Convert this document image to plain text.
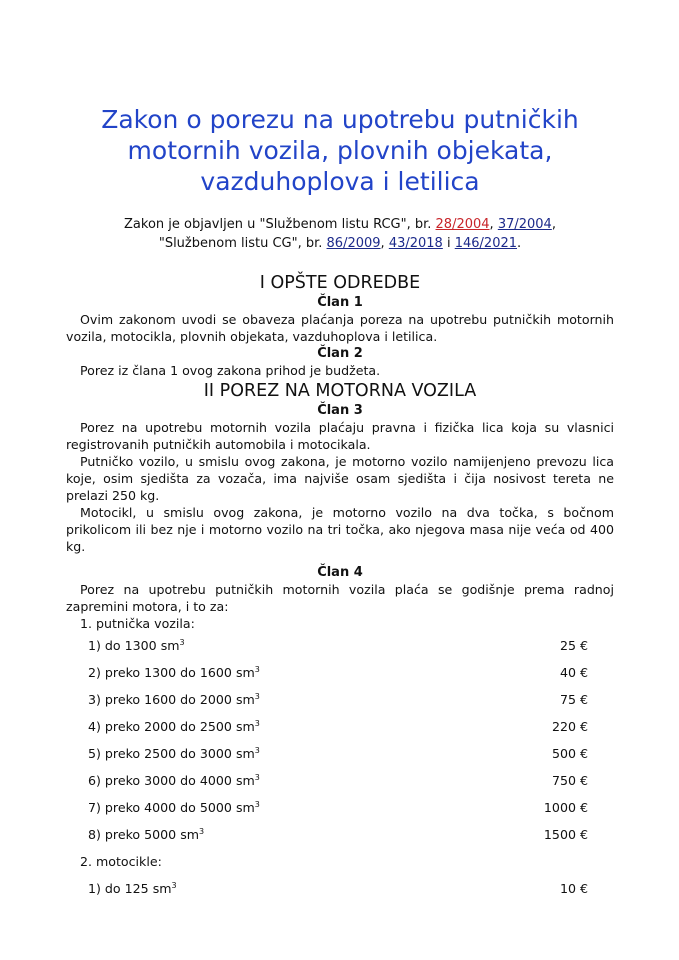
Zakon o porezu na upotrebu putničkih motornih vozila, plovnih objekata, vazduhoplova i letilica
Zakon je objavljen u "Službenom listu RCG", br. 28/2004, 37/2004,
"Službenom listu CG", br. 86/2009, 43/2018 i 146/2021.
I OPŠTE ODREDBE
Član 1

Ovim zakonom uvodi se obaveza plaćanja poreza na upotrebu putničkih motornih vozila, motocikla, plovnih objekata, vazduhoplova i letilica.

Član 2

Porez iz člana 1 ovog zakona prihod je budžeta.

II POREZ NA MOTORNA VOZILA
Član 3

Porez na upotrebu motornih vozila plaćaju pravna i fizička lica koja su vlasnici registrovanih putničkih automobila i motocikala.

Putničko vozilo, u smislu ovog zakona, je motorno vozilo namijenjeno prevozu lica koje, osim sjedišta za vozača, ima najviše osam sjedišta i čija nosivost tereta ne prelazi 250 kg.

Motocikl, u smislu ovog zakona, je motorno vozilo na dva točka, s bočnom prikolicom ili bez nje i motorno vozilo na tri točka, ako njegova masa nije veća od 400 kg.

Član 4

Porez na upotrebu putničkih motornih vozila plaća se godišnje prema radnoj zapremini motora, i to za:

1. putnička vozila:
1) do 1300 $sm^3$	25 €
2) preko 1300 do 1600 $sm^3$	40 €
3) preko 1600 do 2000 $sm^3$	75 €
4) preko 2000 do 2500 $sm^3$	220 €
5) preko 2500 do 3000 $sm^3$	500 €
6) preko 3000 do 4000 $sm^3$	750 €
7) preko 4000 do 5000 $sm^3$	1000 €
8) preko 5000 $sm^3$	1500 €
2. motocikle:
1) do 125 $sm^3$	10 €
